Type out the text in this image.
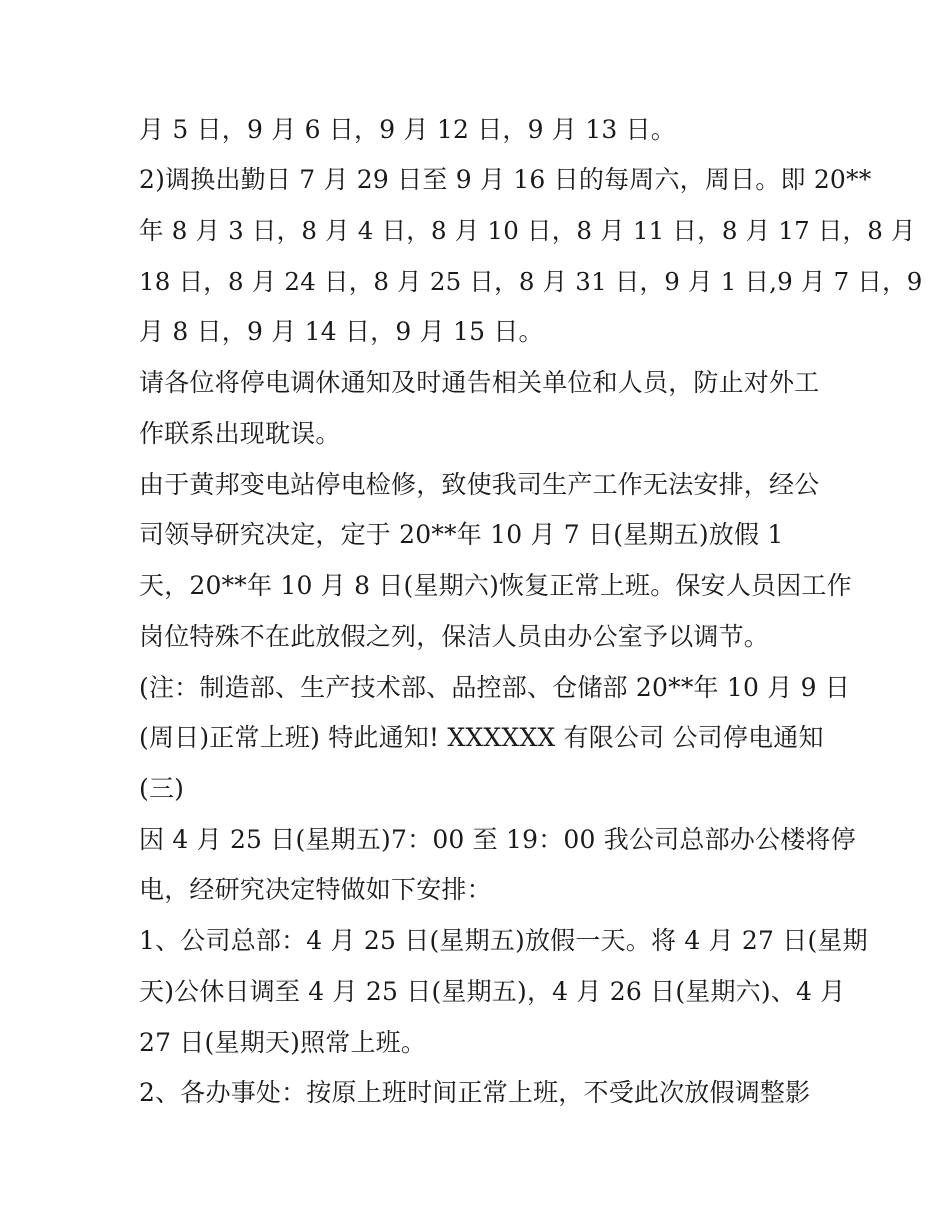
月 5 日，9 月 6 日，9 月 12 日，9 月 13 日。
2)调换出勤日 7 月 29 日至 9 月 16 日的每周六，周日。即 20**
年 8 月 3 日，8 月 4 日，8 月 10 日，8 月 11 日，8 月 17 日，8 月
18 日，8 月 24 日，8 月 25 日，8 月 31 日，9 月 1 日,9 月 7 日，9
月 8 日，9 月 14 日，9 月 15 日。
请各位将停电调休通知及时通告相关单位和人员，防止对外工
作联系出现耽误。
由于黄邦变电站停电检修，致使我司生产工作无法安排，经公
司领导研究决定，定于 20**年 10 月 7 日(星期五)放假 1
天，20**年 10 月 8 日(星期六)恢复正常上班。保安人员因工作
岗位特殊不在此放假之列，保洁人员由办公室予以调节。
(注：制造部、生产技术部、品控部、仓储部 20**年 10 月 9 日
(周日)正常上班) 特此通知! XXXXXX 有限公司 公司停电通知
(三)
因 4 月 25 日(星期五)7：00 至 19：00 我公司总部办公楼将停
电，经研究决定特做如下安排：
1、公司总部：4 月 25 日(星期五)放假一天。将 4 月 27 日(星期
天)公休日调至 4 月 25 日(星期五)，4 月 26 日(星期六)、4 月
27 日(星期天)照常上班。
2、各办事处：按原上班时间正常上班，不受此次放假调整影
